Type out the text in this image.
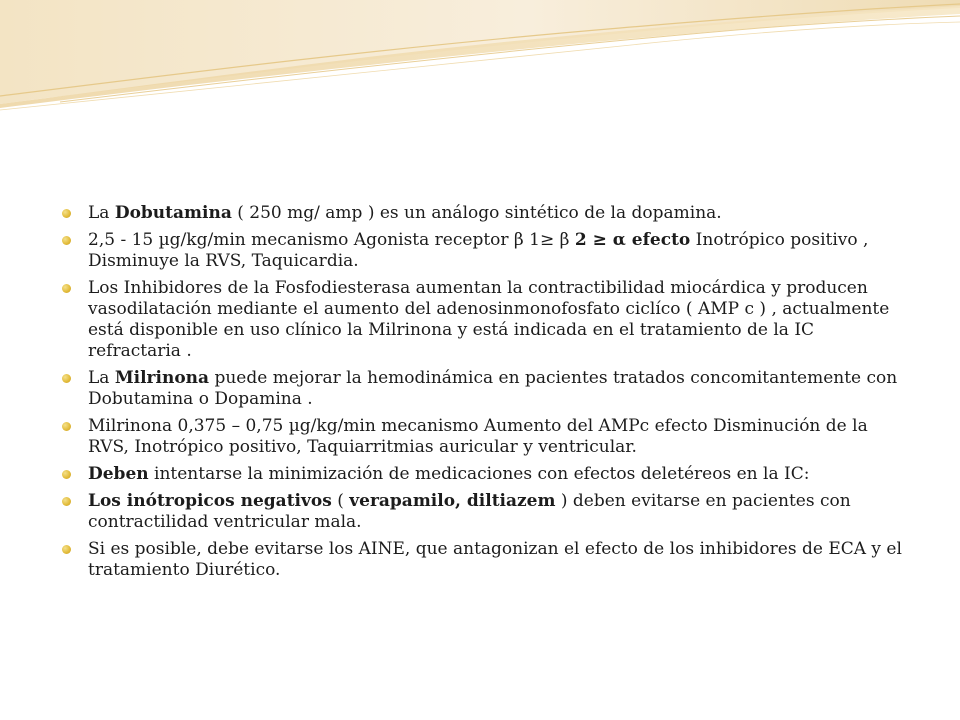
La Dobutamina ( 250 mg/ amp ) es un análogo sintético de la dopamina.
2,5 - 15 µg/kg/min mecanismo Agonista receptor β 1≥ β 2 ≥ α efecto Inotrópico positivo , Disminuye la RVS, Taquicardia.
Los Inhibidores de la Fosfodiesterasa aumentan la contractibilidad miocárdica y producen vasodilatación mediante el aumento del adenosinmonofosfato ciclíco ( AMP c ) , actualmente está disponible en uso clínico la Milrinona y está indicada en el tratamiento de la IC refractaria .
La Milrinona puede mejorar la hemodinámica en pacientes tratados concomitantemente con Dobutamina o Dopamina .
Milrinona 0,375 – 0,75 µg/kg/min mecanismo Aumento del AMPc efecto Disminución de la RVS, Inotrópico positivo, Taquiarritmias auricular y ventricular.
Deben intentarse la minimización de medicaciones con efectos deletéreos en la IC:
Los inótropicos negativos ( verapamilo, diltiazem ) deben evitarse en pacientes con contractilidad ventricular mala.
Si es posible, debe evitarse los AINE, que antagonizan el efecto de los inhibidores de ECA y el tratamiento Diurético.
